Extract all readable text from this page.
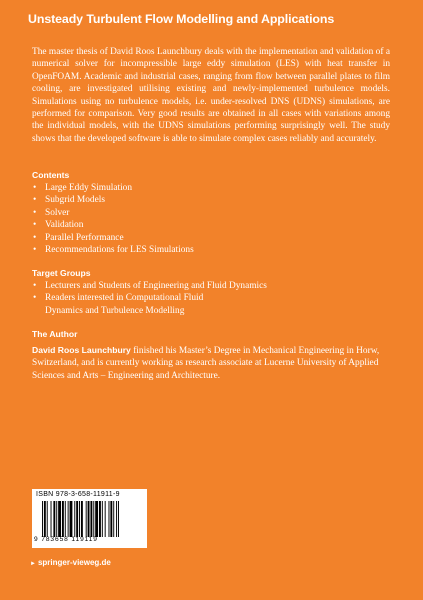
Unsteady Turbulent Flow Modelling and Applications

The master thesis of David Roos Launchbury deals with the implementation and validation of a numerical solver for incompressible large eddy simulation (LES) with heat transfer in OpenFOAM. Academic and industrial cases, ranging from flow between parallel plates to film cooling, are investigated utilising existing and newly-implemented turbulence models. Simulations using no turbulence models, i.e. under-resolved DNS (UDNS) simulations, are performed for comparison. Very good results are obtained in all cases with variations among the individual models, with the UDNS simulations performing surprisingly well. The study shows that the developed software is able to simulate complex cases reliably and accurately.

Contents
• Large Eddy Simulation
• Subgrid Models
• Solver
• Validation
• Parallel Performance
• Recommendations for LES Simulations
Target Groups
• Lecturers and Students of Engineering and Fluid Dynamics
• Readers interested in Computational Fluid
Dynamics and Turbulence Modelling
The Author

David Roos Launchbury finished his Master’s Degree in Mechanical Engineering in Horw, Switzerland, and is currently working as research associate at Lucerne University of Applied Sciences and Arts – Engineering and Architecture.

ISBN 978-3-658-11911-9
9 783658 119119
► springer-vieweg.de
